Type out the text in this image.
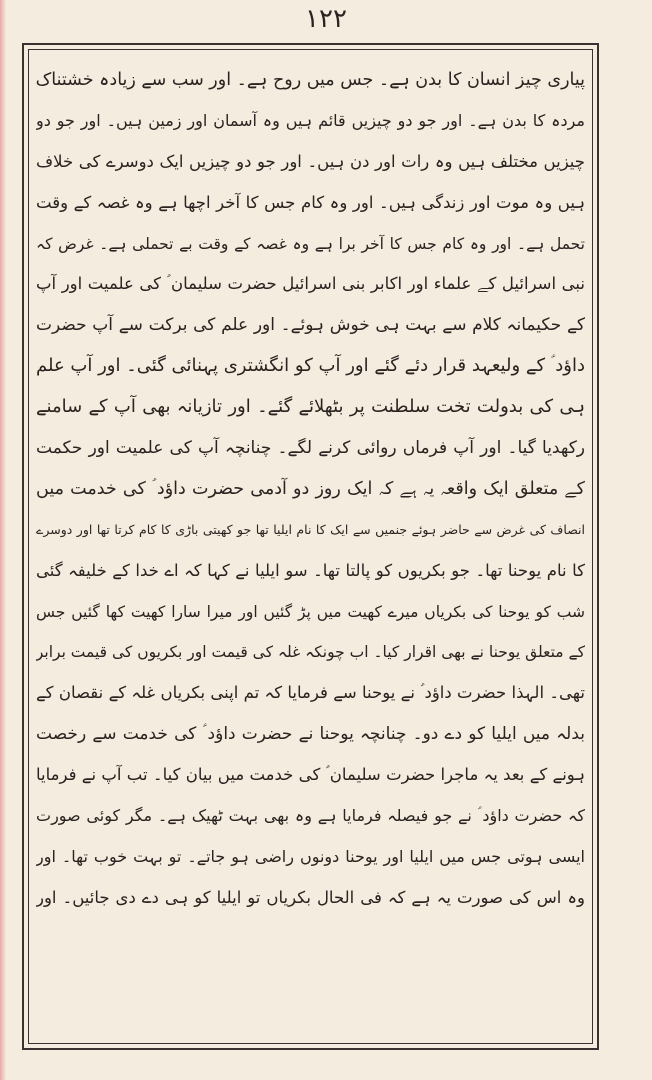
۱۲۲
پیاری چیز انسان کا بدن ہے۔ جس میں روح ہے۔ اور سب سے زیادہ خشتناک
مردہ کا بدن ہے۔ اور جو دو چیزیں قائم ہیں وہ آسمان اور زمین ہیں۔ اور جو دو
چیزیں مختلف ہیں وہ رات اور دن ہیں۔ اور جو دو چیزیں ایک دوسرے کی خلاف
ہیں وہ موت اور زندگی ہیں۔ اور وہ کام جس کا آخر اچھا ہے وہ غصہ کے وقت
تحمل ہے۔ اور وہ کام جس کا آخر برا ہے وہ غصہ کے وقت بے تحملی ہے۔ غرض کہ
نبی اسرائیل کے علماء اور اکابر بنی اسرائیل حضرت سلیمان ؑ کی علمیت اور آپ
کے حکیمانہ کلام سے بہت ہی خوش ہوئے۔ اور علم کی برکت سے آپ حضرت
داؤد ؑ کے ولیعہد قرار دئے گئے اور آپ کو انگشتری پہنائی گئی۔ اور آپ علم
ہی کی بدولت تخت سلطنت پر بٹھلائے گئے۔ اور تازیانہ بھی آپ کے سامنے
رکھدیا گیا۔ اور آپ فرماں روائی کرنے لگے۔ چنانچہ آپ کی علمیت اور حکمت
کے متعلق ایک واقعہ یہ ہے کہ ایک روز دو آدمی حضرت داؤد ؑ کی خدمت میں
انصاف کی غرض سے حاضر ہوئے جنمیں سے ایک کا نام ایلیا تھا جو کھیتی باڑی کا کام کرتا تھا اور دوسرے
کا نام یوحنا تھا۔ جو بکریوں کو پالتا تھا۔ سو ایلیا نے کہا کہ اے خدا کے خلیفہ گئی
شب کو یوحنا کی بکریاں میرے کھیت میں پڑ گئیں اور میرا سارا کھیت کھا گئیں جس
کے متعلق یوحنا نے بھی اقرار کیا۔ اب چونکہ غلہ کی قیمت اور بکریوں کی قیمت برابر
تھی۔ الہذا حضرت داؤد ؑ نے یوحنا سے فرمایا کہ تم اپنی بکریاں غلہ کے نقصان کے
بدلہ میں ایلیا کو دے دو۔ چنانچہ یوحنا نے حضرت داؤد ؑ کی خدمت سے رخصت
ہونے کے بعد یہ ماجرا حضرت سلیمان ؑ کی خدمت میں بیان کیا۔ تب آپ نے فرمایا
کہ حضرت داؤد ؑ نے جو فیصلہ فرمایا ہے وہ بھی بہت ٹھیک ہے۔ مگر کوئی صورت
ایسی ہوتی جس میں ایلیا اور یوحنا دونوں راضی ہو جاتے۔ تو بہت خوب تھا۔ اور
وہ اس کی صورت یہ ہے کہ فی الحال بکریاں تو ایلیا کو ہی دے دی جائیں۔ اور
